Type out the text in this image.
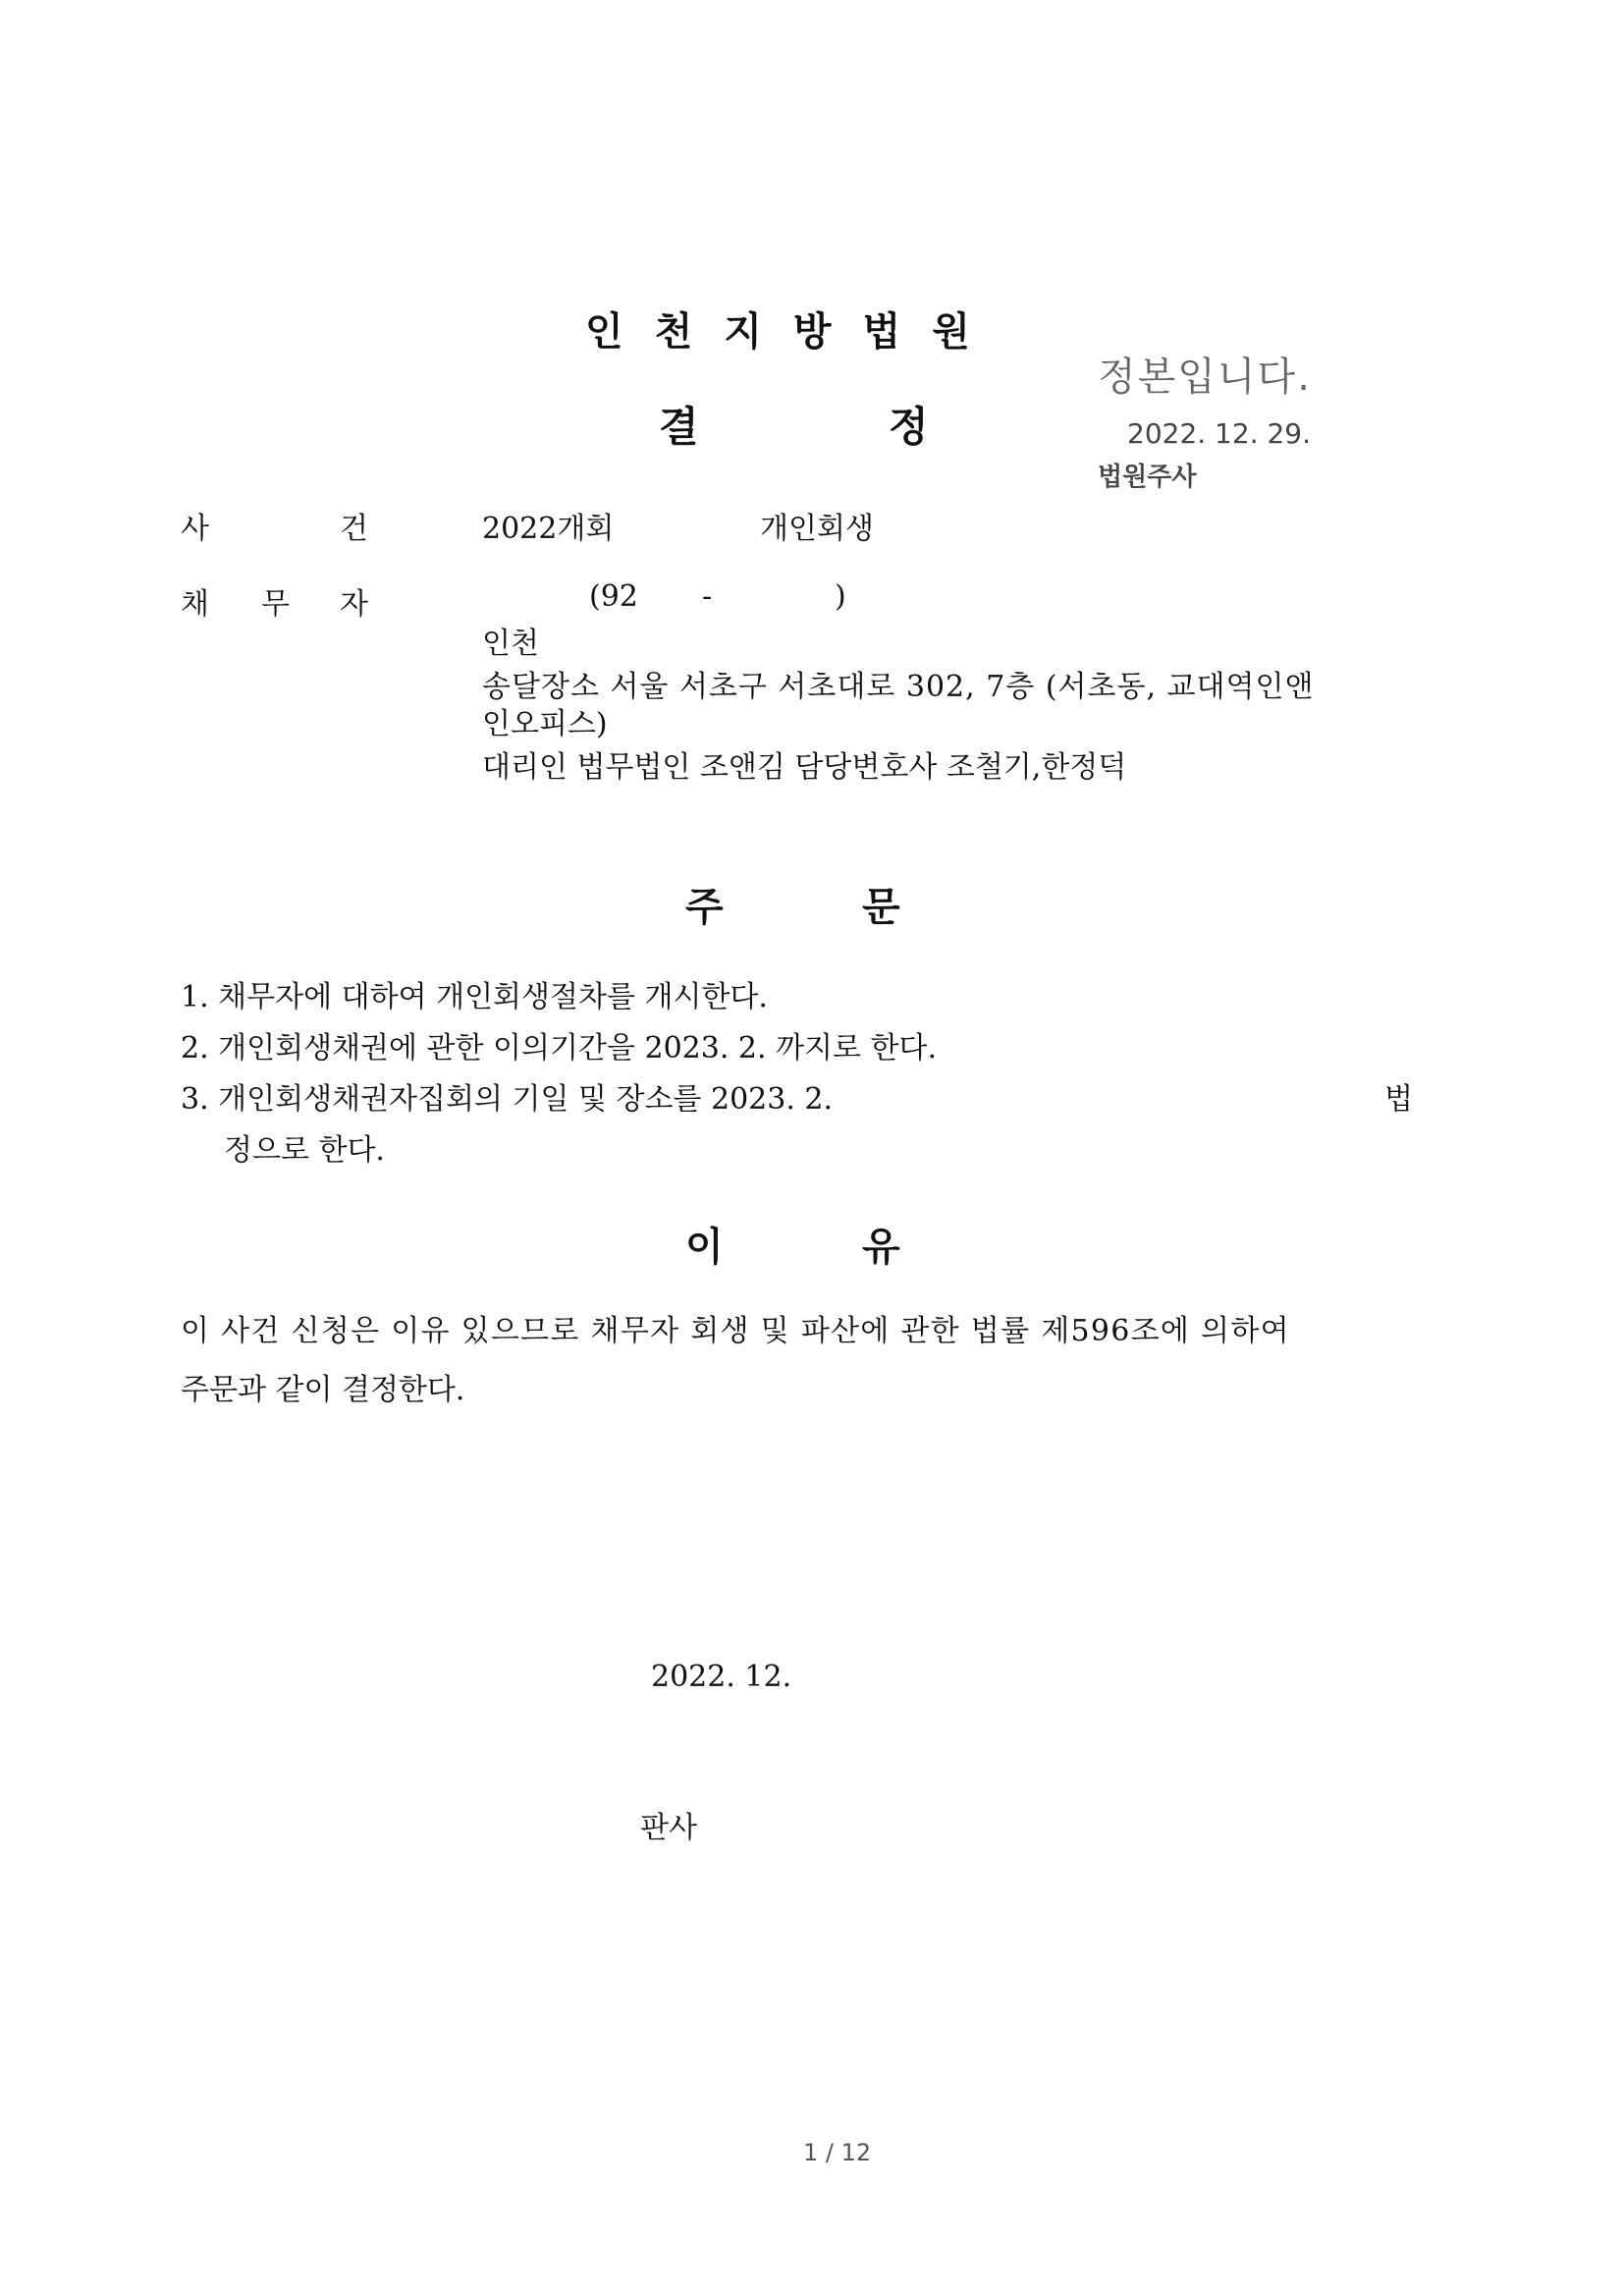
인천지방법원
결	정
정본입니다.
2022. 12. 29.
법원주사
사	건	2022개회	개인회생
채 무 자	(92 -	)
인천
송달장소 서울 서초구 서초대로 302, 7층 (서초동, 교대역인앤
인오피스)
대리인 법무법인 조앤김 담당변호사 조철기,한정덕
주	문
1. 채무자에 대하여 개인회생절차를 개시한다.
2. 개인회생채권에 관한 이의기간을 2023. 2. 까지로 한다.
3. 개인회생채권자집회의 기일 및 장소를 2023. 2.	법
정으로 한다.
이	유
이 사건 신청은 이유 있으므로 채무자 회생 및 파산에 관한 법률 제596조에 의하여
주문과 같이 결정한다.
2022. 12.
판사
1 / 12
